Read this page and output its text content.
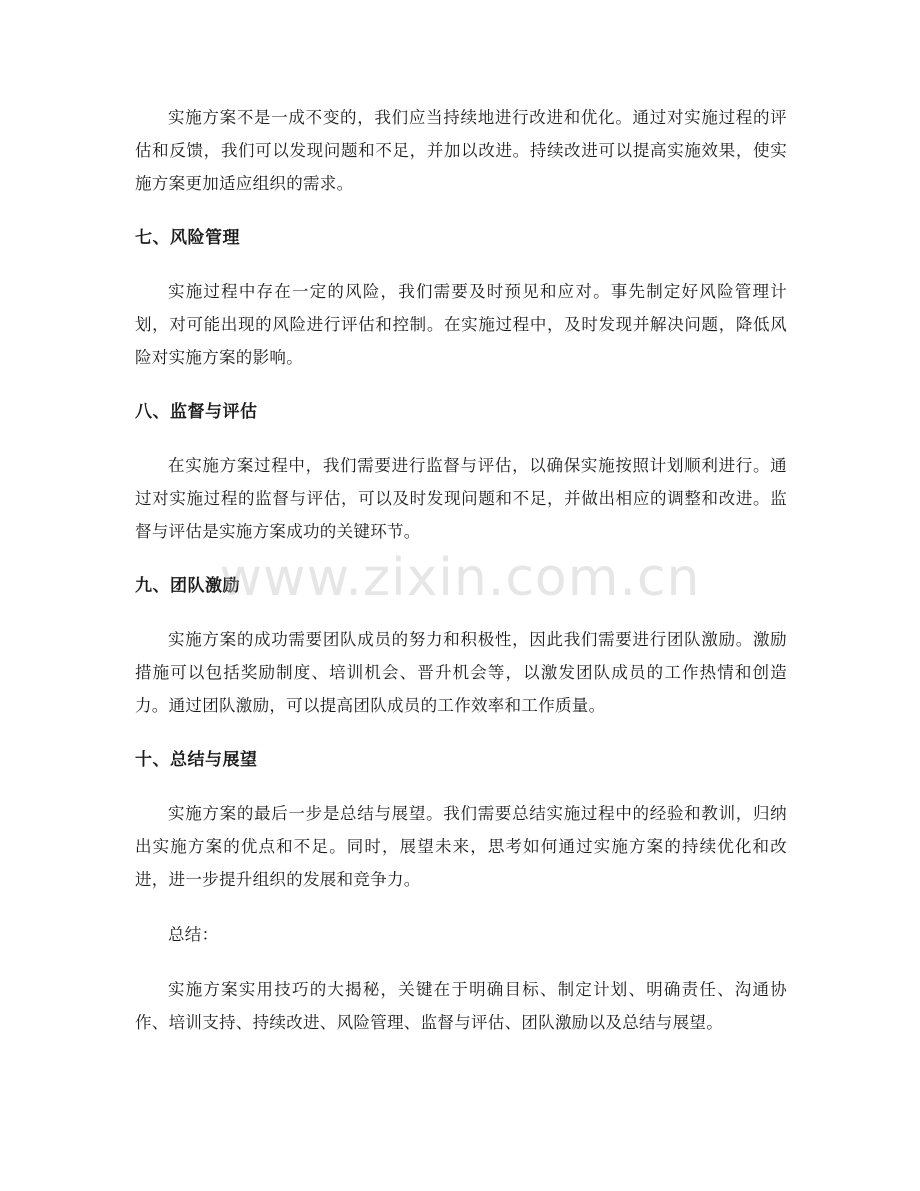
实施方案不是一成不变的，我们应当持续地进行改进和优化。通过对实施过程的评估和反馈，我们可以发现问题和不足，并加以改进。持续改进可以提高实施效果，使实施方案更加适应组织的需求。

七、风险管理

实施过程中存在一定的风险，我们需要及时预见和应对。事先制定好风险管理计划，对可能出现的风险进行评估和控制。在实施过程中，及时发现并解决问题，降低风险对实施方案的影响。

八、监督与评估

在实施方案过程中，我们需要进行监督与评估，以确保实施按照计划顺利进行。通过对实施过程的监督与评估，可以及时发现问题和不足，并做出相应的调整和改进。监督与评估是实施方案成功的关键环节。

九、团队激励

实施方案的成功需要团队成员的努力和积极性，因此我们需要进行团队激励。激励措施可以包括奖励制度、培训机会、晋升机会等，以激发团队成员的工作热情和创造力。通过团队激励，可以提高团队成员的工作效率和工作质量。

十、总结与展望

实施方案的最后一步是总结与展望。我们需要总结实施过程中的经验和教训，归纳出实施方案的优点和不足。同时，展望未来，思考如何通过实施方案的持续优化和改进，进一步提升组织的发展和竞争力。

总结：

实施方案实用技巧的大揭秘，关键在于明确目标、制定计划、明确责任、沟通协作、培训支持、持续改进、风险管理、监督与评估、团队激励以及总结与展望。

www.zixin.com.cn
